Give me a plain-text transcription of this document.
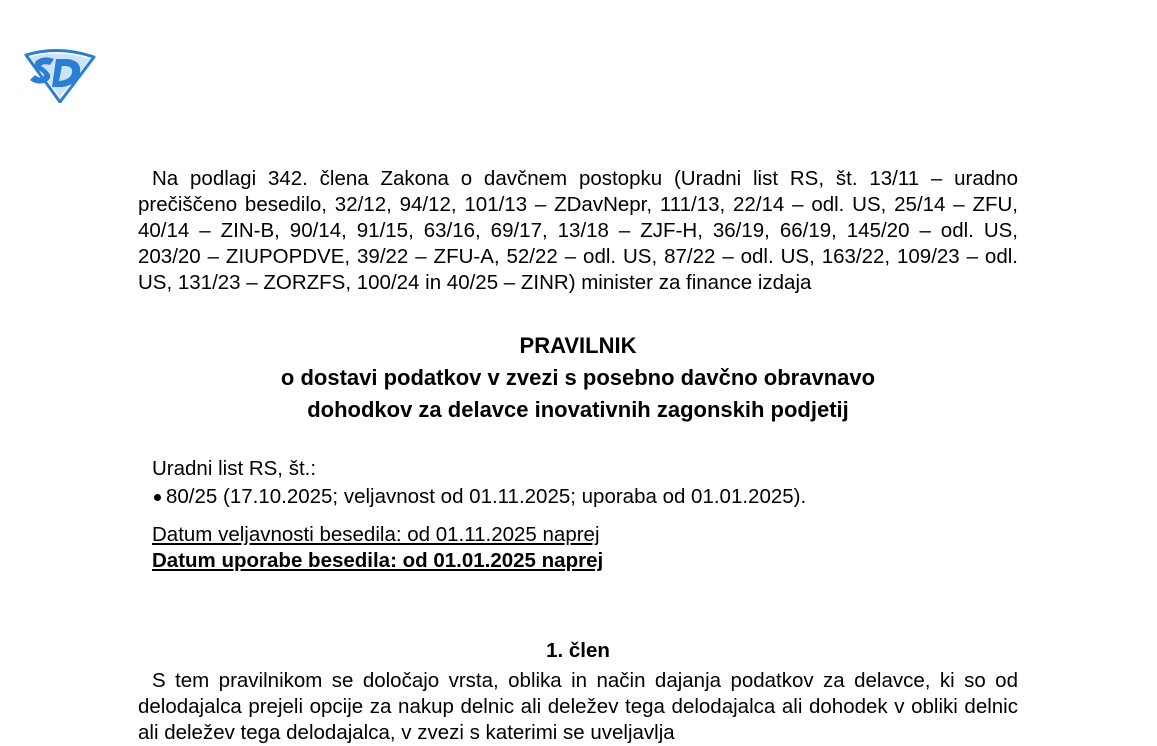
Na podlagi 342. člena Zakona o davčnem postopku (Uradni list RS, št. 13/11 – uradno prečiščeno besedilo, 32/12, 94/12, 101/13 – ZDavNepr, 111/13, 22/14 – odl. US, 25/14 – ZFU, 40/14 – ZIN-B, 90/14, 91/15, 63/16, 69/17, 13/18 – ZJF-H, 36/19, 66/19, 145/20 – odl. US, 203/20 – ZIUPOPDVE, 39/22 – ZFU-A, 52/22 – odl. US, 87/22 – odl. US, 163/22, 109/23 – odl. US, 131/23 – ZORZFS, 100/24 in 40/25 – ZINR) minister za finance izdaja

PRAVILNIK
o dostavi podatkov v zvezi s posebno davčno obravnavo
dohodkov za delavce inovativnih zagonskih podjetij
Uradni list RS, št.:
80/25 (17.10.2025; veljavnost od 01.11.2025; uporaba od 01.01.2025).
Datum veljavnosti besedila: od 01.11.2025 naprej
Datum uporabe besedila: od 01.01.2025 naprej
1. člen

S tem pravilnikom se določajo vrsta, oblika in način dajanja podatkov za delavce, ki so od delodajalca prejeli opcije za nakup delnic ali deležev tega delodajalca ali dohodek v obliki delnic ali deležev tega delodajalca, v zvezi s katerimi se uveljavlja
